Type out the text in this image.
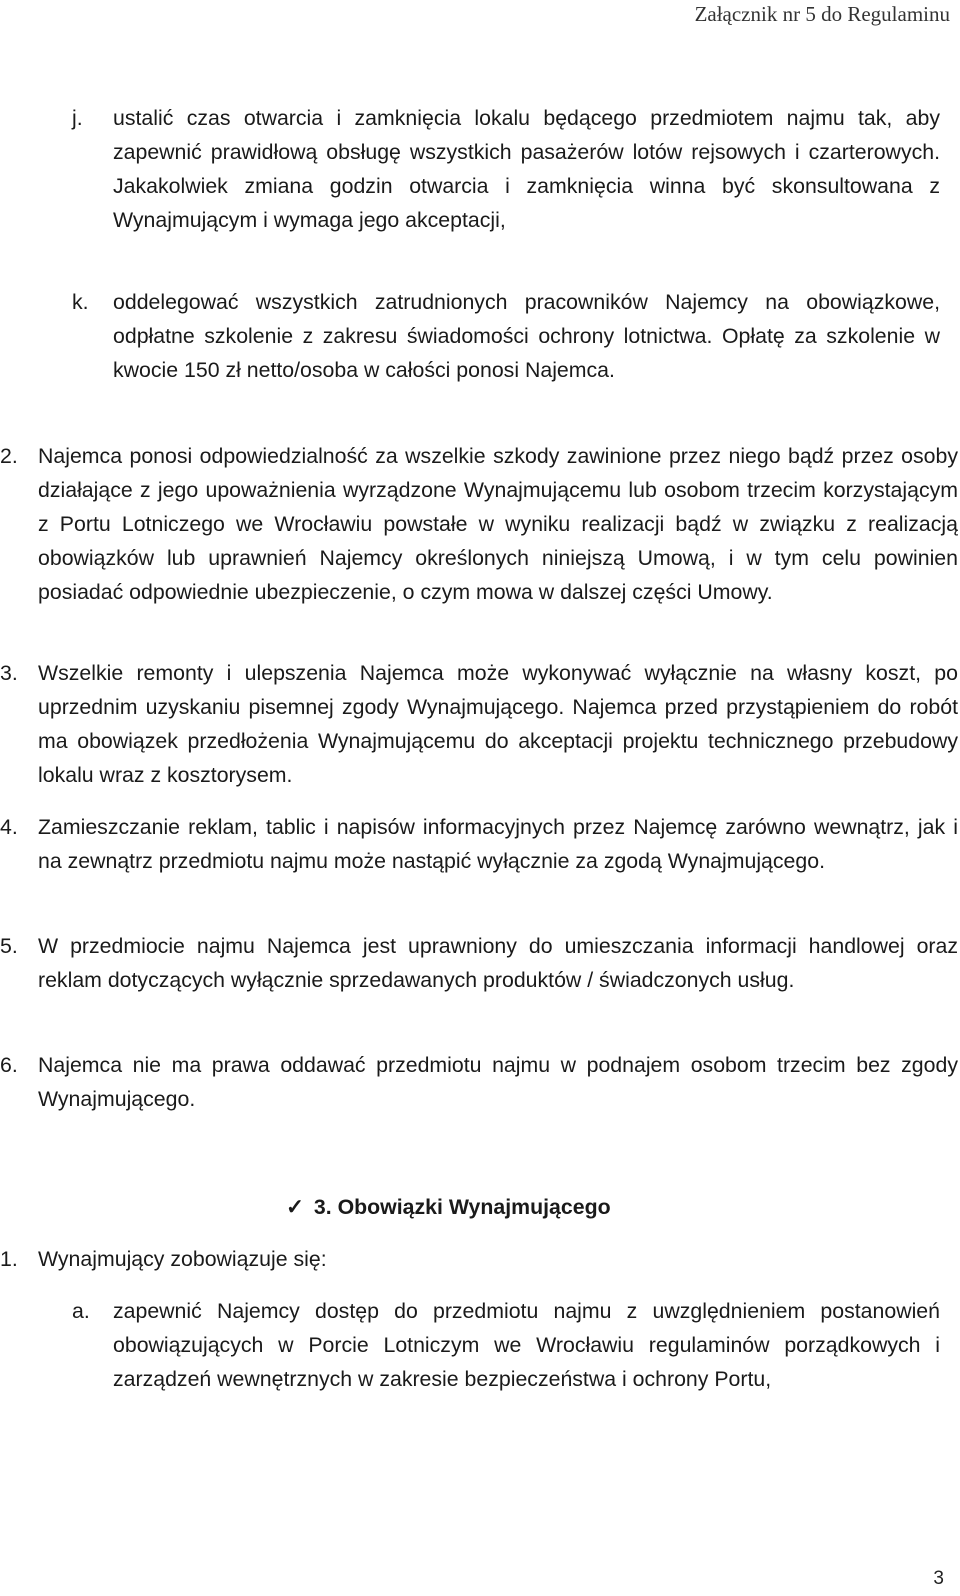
Załącznik nr 5 do Regulaminu
j. ustalić czas otwarcia i zamknięcia lokalu będącego przedmiotem najmu tak, aby zapewnić prawidłową obsługę wszystkich pasażerów lotów rejsowych i czarterowych. Jakakolwiek zmiana godzin otwarcia i zamknięcia winna być skonsultowana z Wynajmującym i wymaga jego akceptacji,
k. oddelegować wszystkich zatrudnionych pracowników Najemcy na obowiązkowe, odpłatne szkolenie z zakresu świadomości ochrony lotnictwa. Opłatę za szkolenie w kwocie 150 zł netto/osoba w całości ponosi Najemca.
2. Najemca ponosi odpowiedzialność za wszelkie szkody zawinione przez niego bądź przez osoby działające z jego upoważnienia wyrządzone Wynajmującemu lub osobom trzecim korzystającym z Portu Lotniczego we Wrocławiu powstałe w wyniku realizacji bądź w związku z realizacją obowiązków lub uprawnień Najemcy określonych niniejszą Umową, i w tym celu powinien posiadać odpowiednie ubezpieczenie, o czym mowa w dalszej części Umowy.
3. Wszelkie remonty i ulepszenia Najemca może wykonywać wyłącznie na własny koszt, po uprzednim uzyskaniu pisemnej zgody Wynajmującego. Najemca przed przystąpieniem do robót ma obowiązek przedłożenia Wynajmującemu do akceptacji projektu technicznego przebudowy lokalu wraz z kosztorysem.
4. Zamieszczanie reklam, tablic i napisów informacyjnych przez Najemcę zarówno wewnątrz, jak i na zewnątrz przedmiotu najmu może nastąpić wyłącznie za zgodą Wynajmującego.
5. W przedmiocie najmu Najemca jest uprawniony do umieszczania informacji handlowej oraz reklam dotyczących wyłącznie sprzedawanych produktów / świadczonych usług.
6. Najemca nie ma prawa oddawać przedmiotu najmu w podnajem osobom trzecim bez zgody Wynajmującego.
✓ 3. Obowiązki Wynajmującego
1. Wynajmujący zobowiązuje się:
a. zapewnić Najemcy dostęp do przedmiotu najmu z uwzględnieniem postanowień obowiązujących w Porcie Lotniczym we Wrocławiu regulaminów porządkowych i zarządzeń wewnętrznych w zakresie bezpieczeństwa i ochrony Portu,
3
